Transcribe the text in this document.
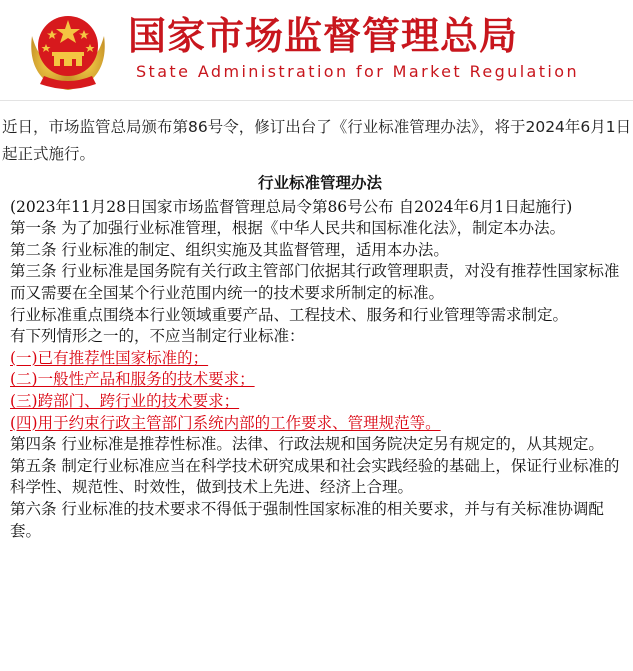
国家市场监督管理总局
State Administration for Market Regulation
近日，市场监管总局颁布第86号令，修订出台了《行业标准管理办法》，将于2024年6月1日起正式施行。
行业标准管理办法

(2023年11月28日国家市场监督管理总局令第86号公布 自2024年6月1日起施行)

第一条 为了加强行业标准管理，根据《中华人民共和国标准化法》，制定本办法。

第二条 行业标准的制定、组织实施及其监督管理，适用本办法。

第三条 行业标准是国务院有关行政主管部门依据其行政管理职责，对没有推荐性国家标准而又需要在全国某个行业范围内统一的技术要求所制定的标准。

行业标准重点围绕本行业领域重要产品、工程技术、服务和行业管理等需求制定。

有下列情形之一的，不应当制定行业标准：

(一)已有推荐性国家标准的；

(二)一般性产品和服务的技术要求；

(三)跨部门、跨行业的技术要求；

(四)用于约束行政主管部门系统内部的工作要求、管理规范等。

第四条 行业标准是推荐性标准。法律、行政法规和国务院决定另有规定的，从其规定。

第五条 制定行业标准应当在科学技术研究成果和社会实践经验的基础上，保证行业标准的科学性、规范性、时效性，做到技术上先进、经济上合理。

第六条 行业标准的技术要求不得低于强制性国家标准的相关要求，并与有关标准协调配套。
